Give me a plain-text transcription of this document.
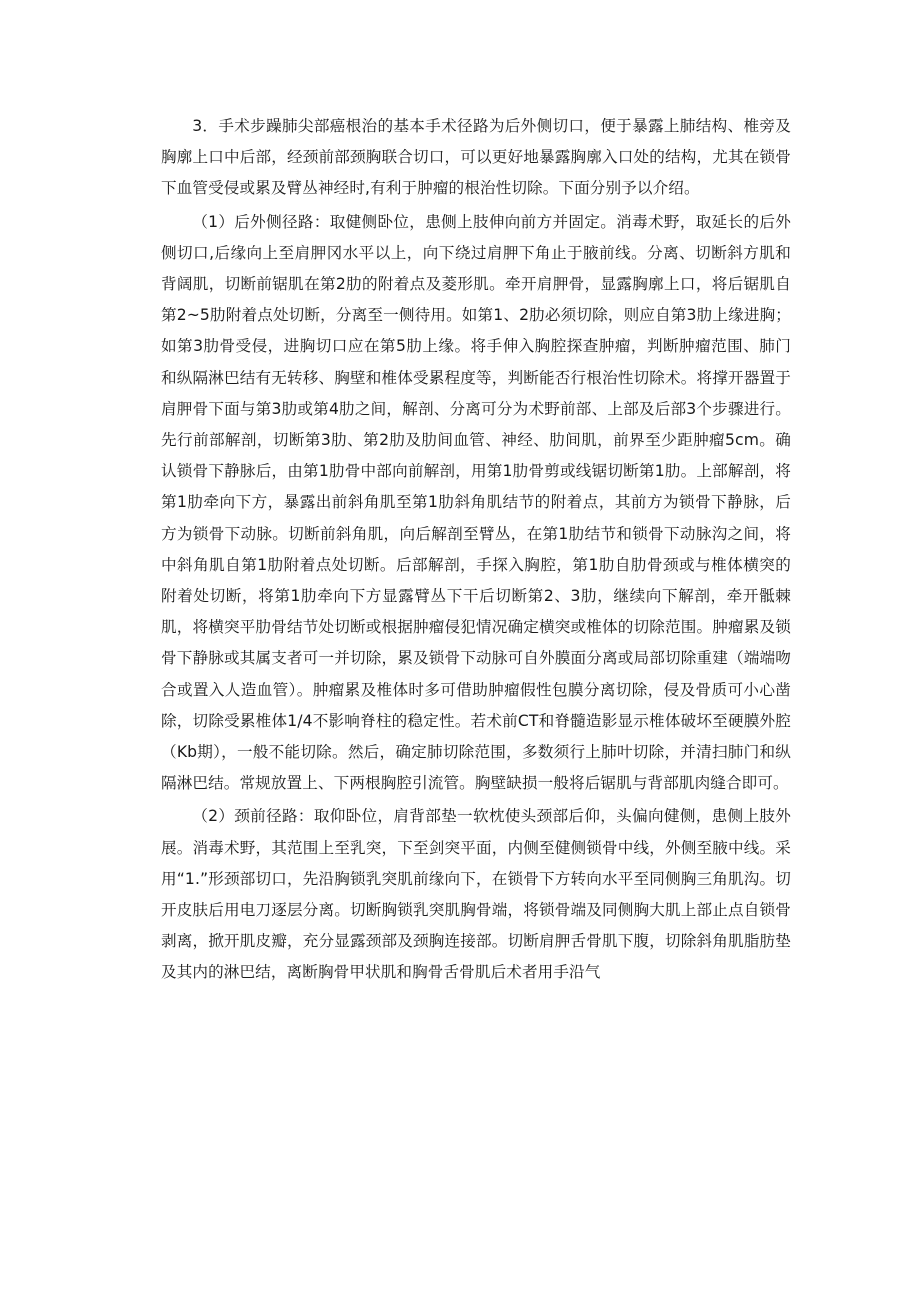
3．手术步躁肺尖部癌根治的基本手术径路为后外侧切口，便于暴露上肺结构、椎旁及胸廓上口中后部，经颈前部颈胸联合切口，可以更好地暴露胸廓入口处的结构，尤其在锁骨下血管受侵或累及臂丛神经时,有利于肿瘤的根治性切除。下面分别予以介绍。

（1）后外侧径路：取健侧卧位，患侧上肢伸向前方并固定。消毒术野，取延长的后外侧切口,后缘向上至肩胛冈水平以上，向下绕过肩胛下角止于腋前线。分离、切断斜方肌和背阔肌，切断前锯肌在第2肋的附着点及菱形肌。牵开肩胛骨，显露胸廓上口，将后锯肌自第2~5肋附着点处切断，分离至一侧待用。如第1、2肋必须切除，则应自第3肋上缘进胸；如第3肋骨受侵，进胸切口应在第5肋上缘。将手伸入胸腔探查肿瘤，判断肿瘤范围、肺门和纵隔淋巴结有无转移、胸壁和椎体受累程度等，判断能否行根治性切除术。将撑开器置于肩胛骨下面与第3肋或第4肋之间，解剖、分离可分为术野前部、上部及后部3个步骤进行。先行前部解剖，切断第3肋、第2肋及肋间血管、神经、肋间肌，前界至少距肿瘤5cm。确认锁骨下静脉后，由第1肋骨中部向前解剖，用第1肋骨剪或线锯切断第1肋。上部解剖，将第1肋牵向下方，暴露出前斜角肌至第1肋斜角肌结节的附着点，其前方为锁骨下静脉，后方为锁骨下动脉。切断前斜角肌，向后解剖至臂丛，在第1肋结节和锁骨下动脉沟之间，将中斜角肌自第1肋附着点处切断。后部解剖，手探入胸腔，第1肋自肋骨颈或与椎体横突的附着处切断，将第1肋牵向下方显露臂丛下干后切断第2、3肋，继续向下解剖，牵开骶棘肌，将横突平肋骨结节处切断或根据肿瘤侵犯情况确定横突或椎体的切除范围。肿瘤累及锁骨下静脉或其属支者可一并切除，累及锁骨下动脉可自外膜面分离或局部切除重建（端端吻合或置入人造血管）。肿瘤累及椎体时多可借助肿瘤假性包膜分离切除，侵及骨质可小心凿除，切除受累椎体1/4不影响脊柱的稳定性。若术前CT和脊髓造影显示椎体破坏至硬膜外腔（Kb期），一般不能切除。然后，确定肺切除范围，多数须行上肺叶切除，并清扫肺门和纵隔淋巴结。常规放置上、下两根胸腔引流管。胸壁缺损一般将后锯肌与背部肌肉缝合即可。

（2）颈前径路：取仰卧位，肩背部垫一软枕使头颈部后仰，头偏向健侧，患侧上肢外展。消毒术野，其范围上至乳突，下至剑突平面，内侧至健侧锁骨中线，外侧至腋中线。采用“1.”形颈部切口，先沿胸锁乳突肌前缘向下，在锁骨下方转向水平至同侧胸三角肌沟。切开皮肤后用电刀逐层分离。切断胸锁乳突肌胸骨端，将锁骨端及同侧胸大肌上部止点自锁骨剥离，掀开肌皮瓣，充分显露颈部及颈胸连接部。切断肩胛舌骨肌下腹，切除斜角肌脂肪垫及其内的淋巴结，离断胸骨甲状肌和胸骨舌骨肌后术者用手沿气
